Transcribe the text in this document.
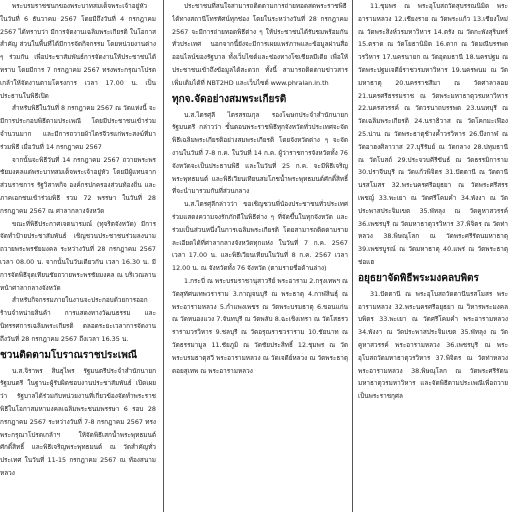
พระบรมราชชนกของพระบาทสมเด็จพระเจ้าอยู่หัว ในวันที่ 6 ธันวาคม 2567 โดยมีถึงวันที่ 4 กรกฎาคม 2567 ได้ทราบว่า มีการจัดงานเฉลิมพระเกียรติ ในโอกาสสำคัญ ส่วนในพื้นที่ได้มีการจัดกิจกรรม โดยหน่วยงานต่าง ๆ ร่วมกัน เพื่อประชาสัมพันธ์การจัดงานให้ประชาชนได้ทราบ โดยมีการ 7 กรกฎาคม 2567 ทรงพระกรุณาโปรดเกล้าให้จัดงานตามโครงการ เวลา 17.00 น. เป็นประธานในพิธีเปิด

สำหรับพิธีในวันที่ 8 กรกฎาคม 2567 ณ วัดแห่งนี้ จะมีการประกอบพิธีตามประเพณี โดยมีประชาชนเข้าร่วมจำนวนมาก และมีการถวายผ้าไตรจีวรแก่พระสงฆ์ที่มาร่วมพิธี เมื่อวันที่ 14 กรกฎาคม 2567

จากนั้นจะพิธีวันที่ 14 กรกฎาคม 2567 ถวายพระพรชัยมงคลแด่พระบาทสมเด็จพระเจ้าอยู่หัว โดยมีผู้แทนจากส่วนราชการ รัฐวิสาหกิจ องค์กรปกครองส่วนท้องถิ่น และภาคเอกชนเข้าร่วมพิธี รวม 72 พรรษา ในวันที่ 28 กรกฎาคม 2567 ณ ศาลากลางจังหวัด

ขณะที่พิธีประกาศเจตนารมณ์ (ทุจริตจังหวัด) มีการจัดทำป้ายประชาสัมพันธ์ เชิญชวนประชาชนร่วมลงนามถวายพระพรชัยมงคล ระหว่างวันที่ 28 กรกฎาคม 2567 เวลา 08.00 น. จากนั้นในวันเดียวกัน เวลา 16.30 น. มีการจัดพิธีจุดเทียนชัยถวายพระพรชัยมงคล ณ บริเวณลานหน้าศาลากลางจังหวัด

สำหรับกิจกรรมภายในงานจะประกอบด้วยการออกร้านจำหน่ายสินค้า การแสดงทางวัฒนธรรม และนิทรรศการเฉลิมพระเกียรติ ตลอดระยะเวลาการจัดงาน ถึงวันที่ 28 กรกฎาคม 2567 ถึงเวลา 16.35 น.

ชวนติดตามโบราณราชประเพณี

น.ส.จิราพร สินธุไพร รัฐมนตรีประจำสำนักนายกรัฐมนตรี ในฐานะผู้รับผิดชอบงานประชาสัมพันธ์ เปิดเผยว่า รัฐบาลได้ร่วมกับหน่วยงานที่เกี่ยวข้องจัดทำพระราชพิธีในโอกาสมหามงคลเฉลิมพระชนมพรรษา 6 รอบ 28 กรกฎาคม 2567 ระหว่างวันที่ 7-8 กรกฎาคม 2567 ทรงพระกรุณาโปรดเกล้าฯ ให้จัดพิธีเสกน้ำพระพุทธมนต์ศักดิ์สิทธิ์ และพิธีเจริญพระพุทธมนต์ ณ วัดสำคัญทั่วประเทศ ในวันที่ 11-15 กรกฎาคม 2567 ณ ท้องสนามหลวง

ประชาชนที่สนใจสามารถติดตามการถ่ายทอดสดพระราชพิธีได้ทางสถานีโทรทัศน์ทุกช่อง โดยในระหว่างวันที่ 28 กรกฎาคม 2567 จะมีการถ่ายทอดพิธีต่าง ๆ ให้ประชาชนได้รับชมพร้อมกันทั่วประเทศ นอกจากนี้ยังจะมีการเผยแพร่ภาพและข้อมูลผ่านสื่อออนไลน์ของรัฐบาล ทั้งเว็บไซต์และช่องทางโซเชียลมีเดีย เพื่อให้ประชาชนเข้าถึงข้อมูลได้สะดวก ทั้งนี้ สามารถติดตามข่าวสารเพิ่มเติมได้ที่ NBT2HD และเว็บไซต์ www.phralan.in.th

ทุกจ.จัดอย่างสมพระเกียรติ

น.ส.ไตรศุลี ไตรสรณกุล รองโฆษกประจำสำนักนายกรัฐมนตรี กล่าวว่า ขั้นตอนพระราชพิธีทุกจังหวัดทั่วประเทศจะจัดพิธีเฉลิมพระเกียรติอย่างสมพระเกียรติ โดยจังหวัดต่าง ๆ จะจัดงานในวันที่ 7-8 ก.ค. ในวันที่ 14 ก.ค. ผู้ว่าราชการจังหวัดทั้ง 76 จังหวัดจะเป็นประธานพิธี และในวันที่ 25 ก.ค. จะมีพิธีเจริญพระพุทธมนต์ และพิธีเวียนเทียนสมโภชน้ำพระพุทธมนต์ศักดิ์สิทธิ์ที่จะนำมารวมกันที่ส่วนกลาง

น.ส.ไตรศุลีกล่าวว่า ขอเชิญชวนพี่น้องประชาชนทั่วประเทศ ร่วมแสดงความจงรักภักดีในพิธีต่าง ๆ ที่จัดขึ้นในทุกจังหวัด และร่วมเป็นส่วนหนึ่งในการเฉลิมพระเกียรติ โดยสามารถติดตามรายละเอียดได้ที่ศาลากลางจังหวัดทุกแห่ง ในวันที่ 7 ก.ค. 2567 เวลา 17.00 น. และพิธีเวียนเทียนในวันที่ 8 ก.ค. 2567 เวลา 12.00 น. ณ จังหวัดทั้ง 76 จังหวัด (ตามรายชื่อด้านล่าง)

1.กระบี่ ณ พระบรมราชานุสาวรีย์ พระอาราม 2.กรุงเทพฯ ณ วัดสุทัศนเทพวราราม 3.กาญจนบุรี ณ พระธาตุ 4.กาฬสินธุ์ ณ พระอารามหลวง 5.กำแพงเพชร ณ วัดพระบรมธาตุ 6.ขอนแก่น ณ วัดหนองแวง 7.จันทบุรี ณ วัดพลับ 8.ฉะเชิงเทรา ณ วัดโสธรวรารามวรวิหาร 9.ชลบุรี ณ วัดอรุณราชวราราม 10.ชัยนาท ณ วัดธรรมามูล 11.ชัยภูมิ ณ วัดชัยประสิทธิ์ 12.ชุมพร ณ วัดพระบรมธาตุสวี พระอารามหลวง ณ วัดเจดีย์หลวง ณ วัดพระธาตุดอยสุเทพ ณ พระอารามหลวง

11.ชุมพร ณ พระอุโบสถวัดสุบรรณนิมิต พระอารามหลวง 12.เชียงราย ณ วัดพระแก้ว 13.เชียงใหม่ ณ วัดพระสิงห์วรมหาวิหาร 14.ตรัง ณ วัดกะพังสุรินทร์ 15.ตราด ณ วัดโยธานิมิต 16.ตาก ณ วัดมณีบรรพตวรวิหาร 17.นครนายก ณ วัดอุดมธานี 18.นครปฐม ณ วัดพระปฐมเจดีย์ราชวรมหาวิหาร 19.นครพนม ณ วัดมหาธาตุ 20.นครราชสีมา ณ วัดศาลาลอย 21.นครศรีธรรมราช ณ วัดพระมหาธาตุวรมหาวิหาร 22.นครสวรรค์ ณ วัดวรนาถบรรพต 23.นนทบุรี ณ วัดเฉลิมพระเกียรติ 24.นราธิวาส ณ วัดโคกมะเฟือง 25.น่าน ณ วัดพระธาตุช้างค้ำวรวิหาร 26.บึงกาฬ ณ วัดอาฮงศิลาวาส 27.บุรีรัมย์ ณ วัดกลาง 28.ปทุมธานี ณ วัดโบสถ์ 29.ประจวบคีรีขันธ์ ณ วัดธรรมิการาม 30.ปราจีนบุรี ณ วัดแก้วพิจิตร 31.ปัตตานี ณ วัดตานีนรสโมสร 32.พระนครศรีอยุธยา ณ วัดพระศรีสรรเพชญ์ 33.พะเยา ณ วัดศรีโคมคำ 34.พังงา ณ วัดประพาสประจิมเขต 35.พัทลุง ณ วัดคูหาสวรรค์ 36.เพชรบุรี ณ วัดมหาธาตุวรวิหาร 37.พิจิตร ณ วัดท่าหลวง 38.พิษณุโลก ณ วัดพระศรีรัตนมหาธาตุ 39.เพชรบูรณ์ ณ วัดมหาธาตุ 40.แพร่ ณ วัดพระธาตุช่อแฮ

อยุธยาจัดพิธีพระมงคลบพิตร

31.ปัตตานี ณ พระอุโบสถวัดตานีนรสโมสร พระอารามหลวง 32.พระนครศรีอยุธยา ณ วิหารพระมงคลบพิตร 33.พะเยา ณ วัดศรีโคมคำ พระอารามหลวง 34.พังงา ณ วัดประพาสประจิมเขต 35.พัทลุง ณ วัดคูหาสวรรค์ พระอารามหลวง 36.เพชรบุรี ณ พระอุโบสถวัดมหาธาตุวรวิหาร 37.พิจิตร ณ วัดท่าหลวง พระอารามหลวง 38.พิษณุโลก ณ วัดพระศรีรัตนมหาธาตุวรมหาวิหาร และจัดพิธีตามประเพณีเพื่อถวายเป็นพระราชกุศล
